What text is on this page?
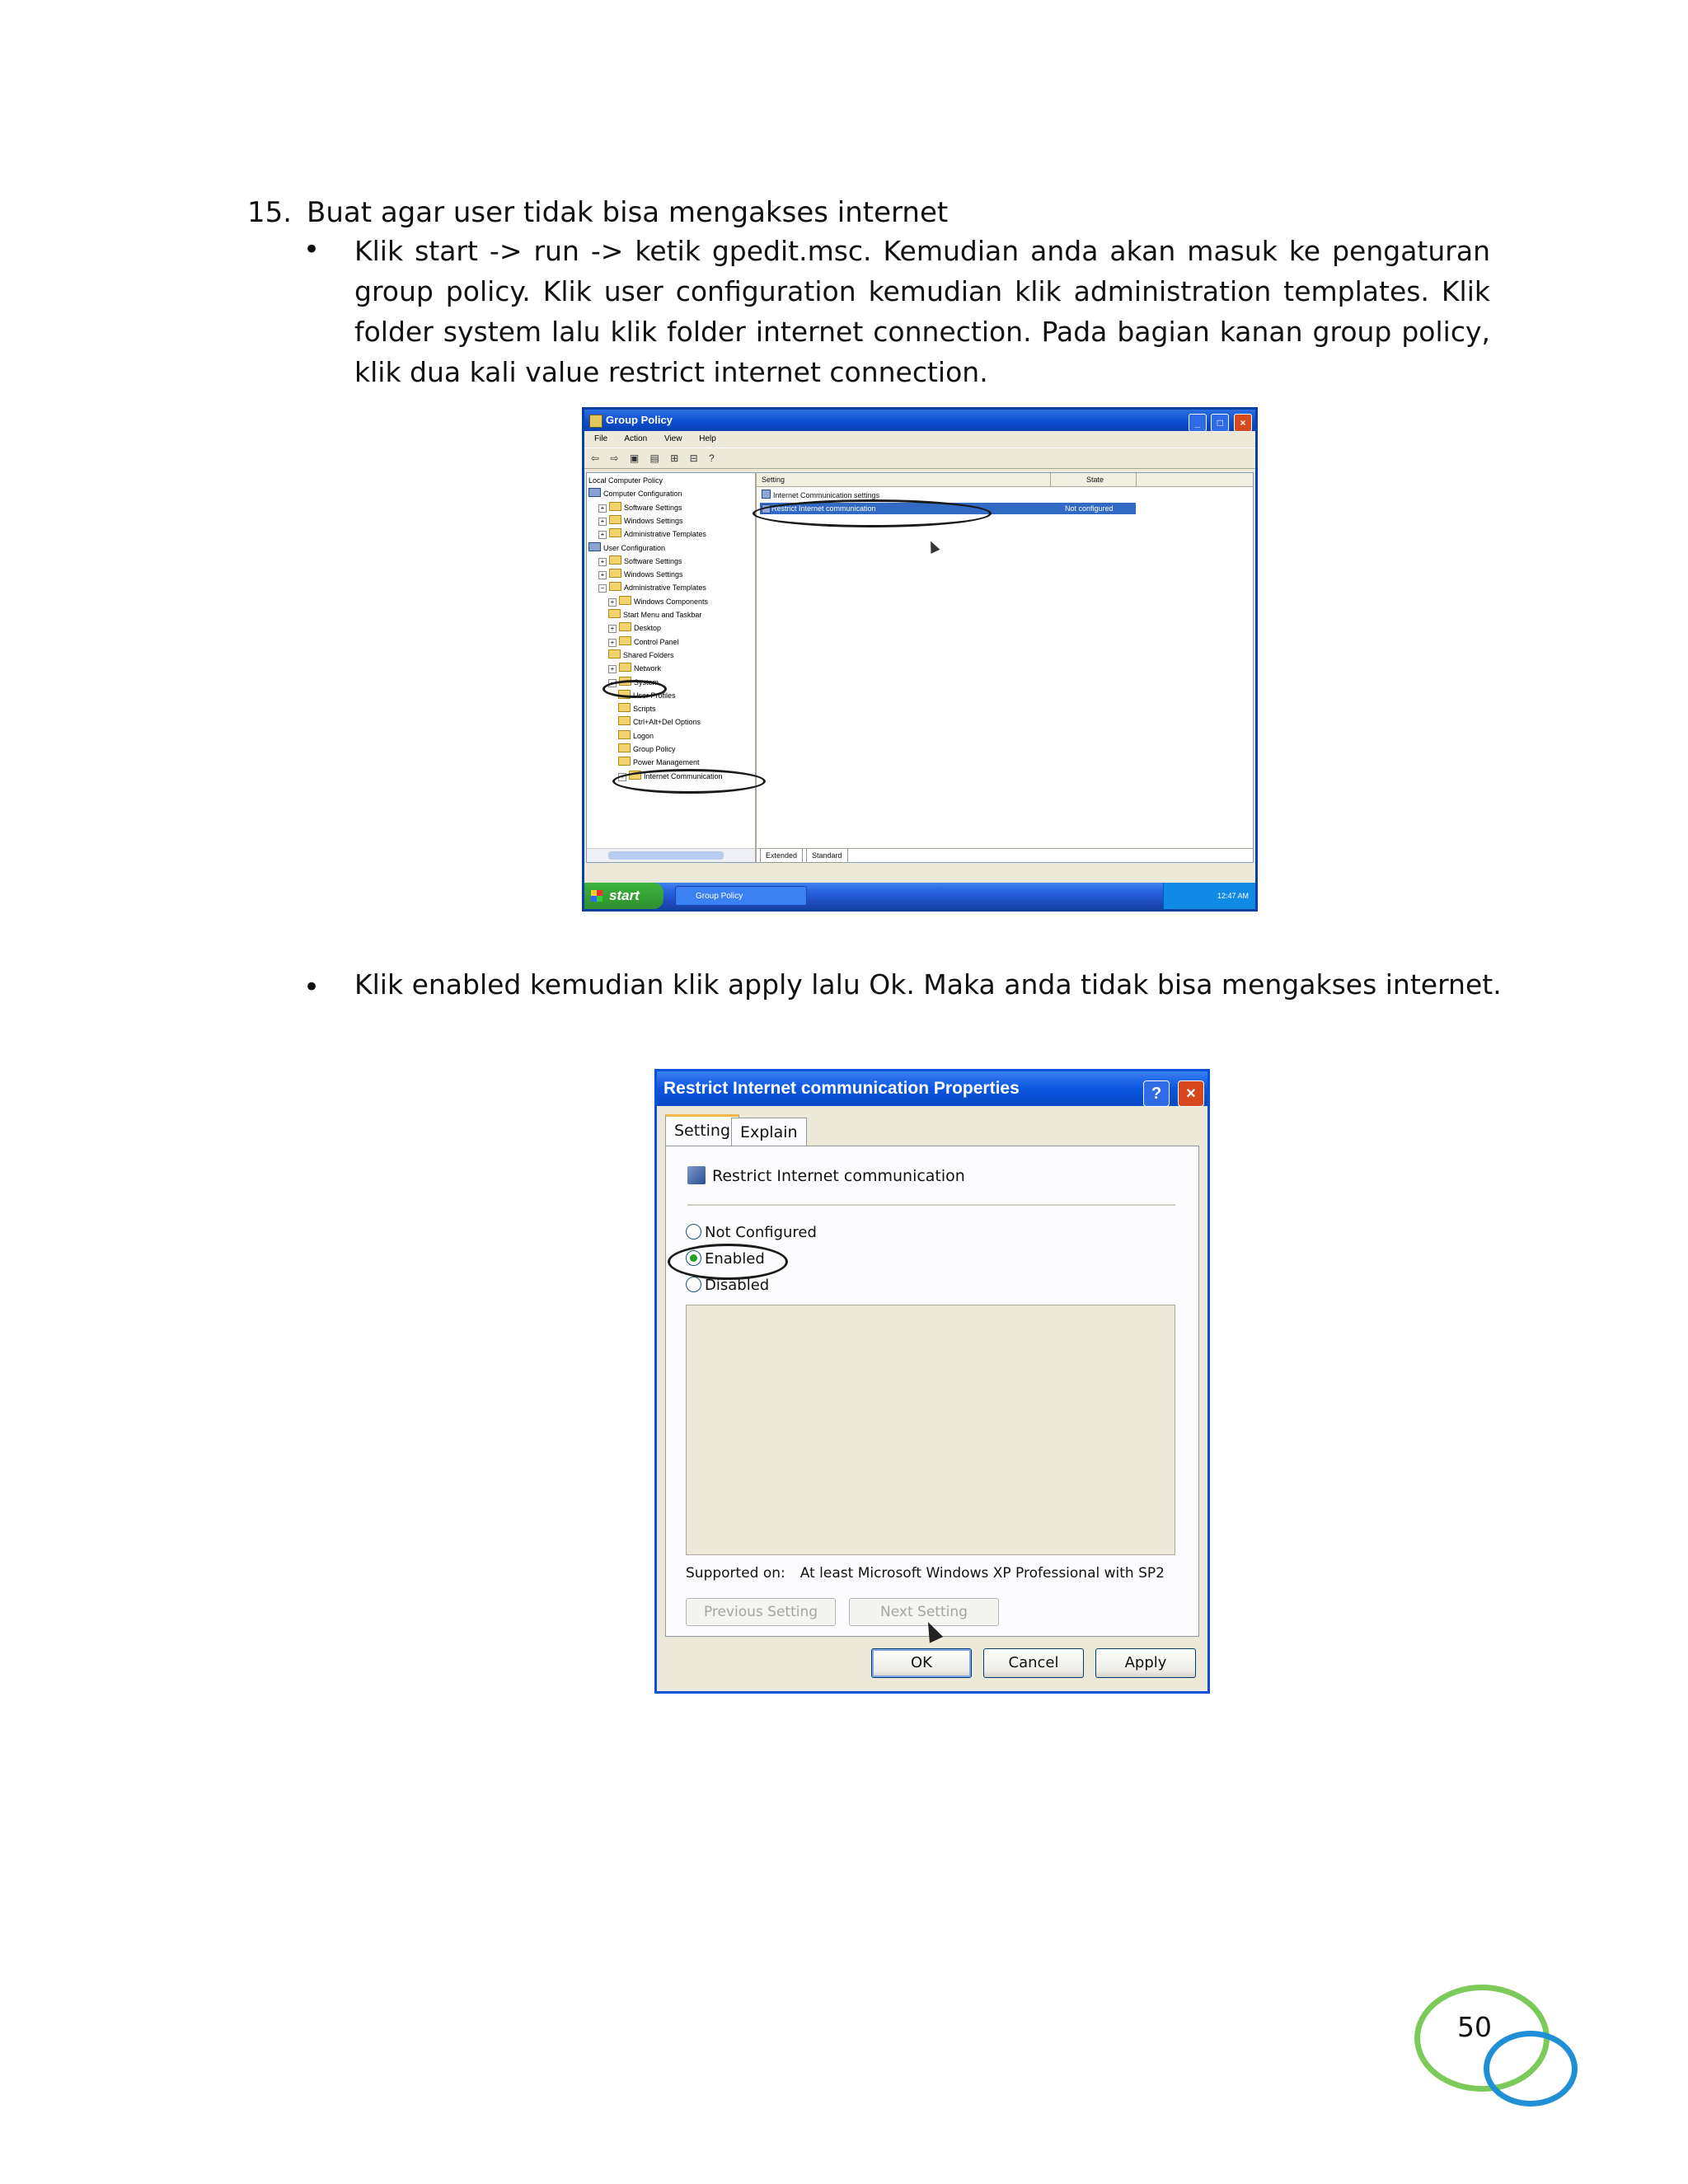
15. Buat agar user tidak bisa mengakses internet
• Klik start -> run -> ketik gpedit.msc. Kemudian anda akan masuk ke pengaturan group policy. Klik user configuration kemudian klik administration templates. Klik folder system lalu klik folder internet connection. Pada bagian kanan group policy, klik dua kali value restrict internet connection.
Group Policy	_ □ ×
File Action View Help
⇦ ⇨ ▣ ▤ ⊞ ⊟ ?
Local Computer Policy
Computer Configuration
+	Software Settings
+	Windows Settings
+	Administrative Templates
User Configuration
+	Software Settings
+	Windows Settings
−	Administrative Templates
+	Windows Components
Start Menu and Taskbar
+	Desktop
+	Control Panel
Shared Folders
+	Network
−	System
User Profiles
Scripts
Ctrl+Alt+Del Options
Logon
Group Policy
Power Management
+	Internet Communication
Setting	State
Internet Communication settings
Restrict Internet communication	Not configured
Extended Standard
start	Group Policy	12:47 AM
• Klik enabled kemudian klik apply lalu Ok. Maka anda tidak bisa mengakses internet.
Restrict Internet communication Properties	? ×
Setting Explain
Restrict Internet communication
Not Configured
Enabled
Disabled
Supported on: At least Microsoft Windows XP Professional with SP2
Previous Setting	Next Setting
OK	Cancel	Apply
50
